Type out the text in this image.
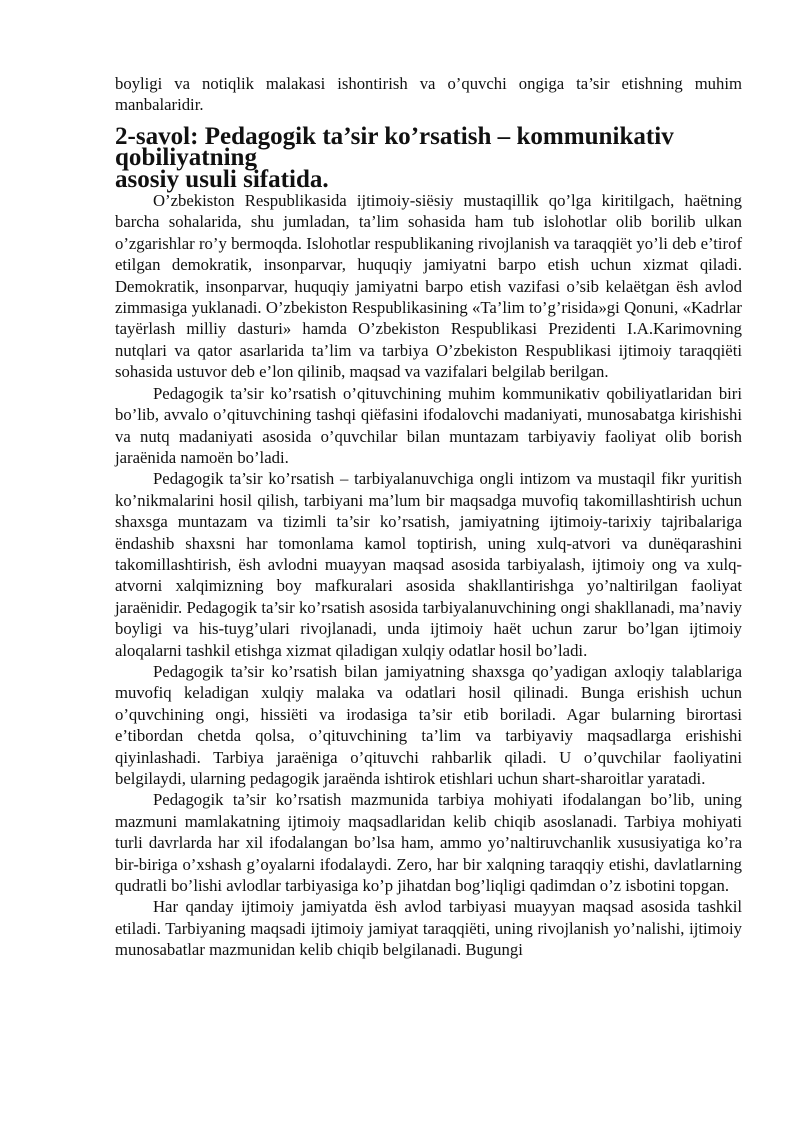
boyligi va notiqlik malakasi ishontirish va o’quvchi ongiga ta’sir etishning muhim manbalaridir.

2-savol: Pedagogik ta’sir ko’rsatish – kommunikativ qobiliyatning
asosiy usuli sifatida.

O’zbekiston Respublikasida ijtimoiy-siësiy mustaqillik qo’lga kiritilgach, haëtning barcha sohalarida, shu jumladan, ta’lim sohasida ham tub islohotlar olib borilib ulkan o’zgarishlar ro’y bermoqda. Islohotlar respublikaning rivojlanish va taraqqiët yo’li deb e’tirof etilgan demokratik, insonparvar, huquqiy jamiyatni barpo etish uchun xizmat qiladi. Demokratik, insonparvar, huquqiy jamiyatni barpo etish vazifasi o’sib kelaëtgan ësh avlod zimmasiga yuklanadi. O’zbekiston Respublikasining «Ta’lim to’g’risida»gi Qonuni, «Kadrlar tayërlash milliy dasturi» hamda O’zbekiston Respublikasi Prezidenti I.A.Karimovning nutqlari va qator asarlarida ta’lim va tarbiya O’zbekiston Respublikasi ijtimoiy taraqqiëti sohasida ustuvor deb e’lon qilinib, maqsad va vazifalari belgilab berilgan.

Pedagogik ta’sir ko’rsatish o’qituvchining muhim kommunikativ qobiliyatlaridan biri bo’lib, avvalo o’qituvchining tashqi qiëfasini ifodalovchi madaniyati, munosabatga kirishishi va nutq madaniyati asosida o’quvchilar bilan muntazam tarbiyaviy faoliyat olib borish jaraënida namoën bo’ladi.

Pedagogik ta’sir ko’rsatish – tarbiyalanuvchiga ongli intizom va mustaqil fikr yuritish ko’nikmalarini hosil qilish, tarbiyani ma’lum bir maqsadga muvofiq takomillashtirish uchun shaxsga muntazam va tizimli ta’sir ko’rsatish, jamiyatning ijtimoiy-tarixiy tajribalariga ëndashib shaxsni har tomonlama kamol toptirish, uning xulq-atvori va dunëqarashini takomillashtirish, ësh avlodni muayyan maqsad asosida tarbiyalash, ijtimoiy ong va xulq-atvorni xalqimizning boy mafkuralari asosida shakllantirishga yo’naltirilgan faoliyat jaraënidir. Pedagogik ta’sir ko’rsatish asosida tarbiyalanuvchining ongi shakllanadi, ma’naviy boyligi va his-tuyg’ulari rivojlanadi, unda ijtimoiy haët uchun zarur bo’lgan ijtimoiy aloqalarni tashkil etishga xizmat qiladigan xulqiy odatlar hosil bo’ladi.

Pedagogik ta’sir ko’rsatish bilan jamiyatning shaxsga qo’yadigan axloqiy talablariga muvofiq keladigan xulqiy malaka va odatlari hosil qilinadi. Bunga erishish uchun o’quvchining ongi, hissiëti va irodasiga ta’sir etib boriladi. Agar bularning birortasi e’tibordan chetda qolsa, o’qituvchining ta’lim va tarbiyaviy maqsadlarga erishishi qiyinlashadi. Tarbiya jaraëniga o’qituvchi rahbarlik qiladi. U o’quvchilar faoliyatini belgilaydi, ularning pedagogik jaraënda ishtirok etishlari uchun shart-sharoitlar yaratadi.

Pedagogik ta’sir ko’rsatish mazmunida tarbiya mohiyati ifodalangan bo’lib, uning mazmuni mamlakatning ijtimoiy maqsadlaridan kelib chiqib asoslanadi. Tarbiya mohiyati turli davrlarda har xil ifodalangan bo’lsa ham, ammo yo’naltiruvchanlik xususiyatiga ko’ra bir-biriga o’xshash g’oyalarni ifodalaydi. Zero, har bir xalqning taraqqiy etishi, davlatlarning qudratli bo’lishi avlodlar tarbiyasiga ko’p jihatdan bog’liqligi qadimdan o’z isbotini topgan.

Har qanday ijtimoiy jamiyatda ësh avlod tarbiyasi muayyan maqsad asosida tashkil etiladi. Tarbiyaning maqsadi ijtimoiy jamiyat taraqqiëti, uning rivojlanish yo’nalishi, ijtimoiy munosabatlar mazmunidan kelib chiqib belgilanadi. Bugungi
